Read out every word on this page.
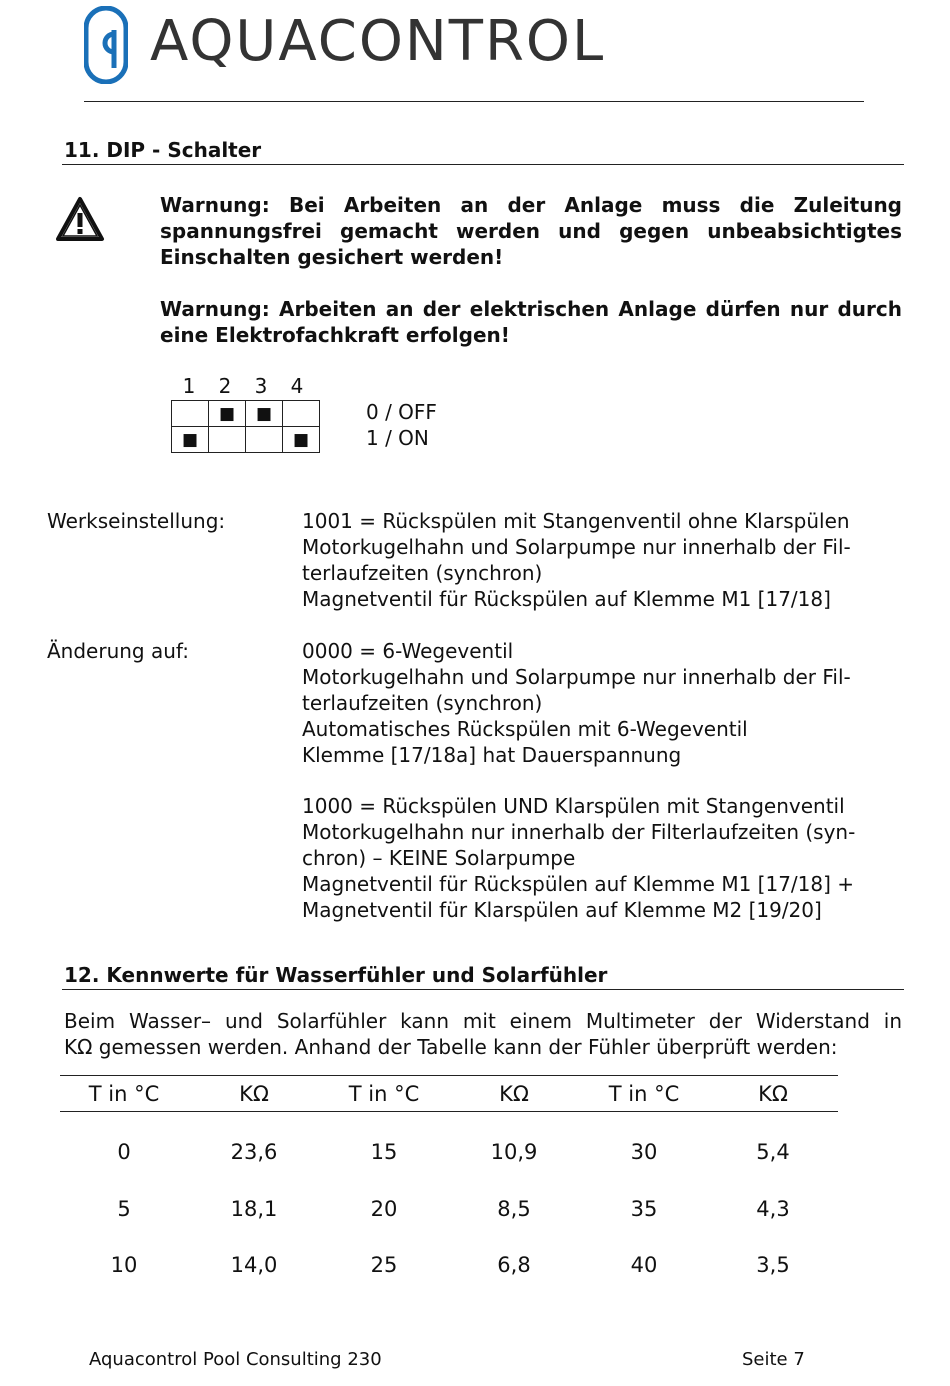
AQUACONTROL
11. DIP - Schalter
Warnung: Bei Arbeiten an der Anlage muss die Zuleitung spannungsfrei gemacht werden und gegen unbeabsichtigtes Einschalten gesichert werden!
Warnung: Arbeiten an der elektrischen Anlage dürfen nur durch eine Elektrofachkraft erfolgen!
1	2	3	4
	■	■	
■			■
0 / OFF
1 / ON
Werkseinstellung:	1001 = Rückspülen mit Stangenventil ohne Klarspülen
Motorkugelhahn und Solarpumpe nur innerhalb der Fil-
terlaufzeiten (synchron)
Magnetventil für Rückspülen auf Klemme M1 [17/18]
Änderung auf:	0000 = 6-Wegeventil
Motorkugelhahn und Solarpumpe nur innerhalb der Fil-
terlaufzeiten (synchron)
Automatisches Rückspülen mit 6-Wegeventil
Klemme [17/18a] hat Dauerspannung
1000 = Rückspülen UND Klarspülen mit Stangenventil
Motorkugelhahn nur innerhalb der Filterlaufzeiten (syn-
chron) – KEINE Solarpumpe
Magnetventil für Rückspülen auf Klemme M1 [17/18] +
Magnetventil für Klarspülen auf Klemme M2 [19/20]
12. Kennwerte für Wasserfühler und Solarfühler
Beim Wasser– und Solarfühler kann mit einem Multimeter der Widerstand in
KΩ gemessen werden. Anhand der Tabelle kann der Fühler überprüft werden:
T in °C	KΩ	T in °C	KΩ	T in °C	KΩ
0	23,6	15	10,9	30	5,4
5	18,1	20	8,5	35	4,3
10	14,0	25	6,8	40	3,5
Aquacontrol Pool Consulting 230	Seite 7
